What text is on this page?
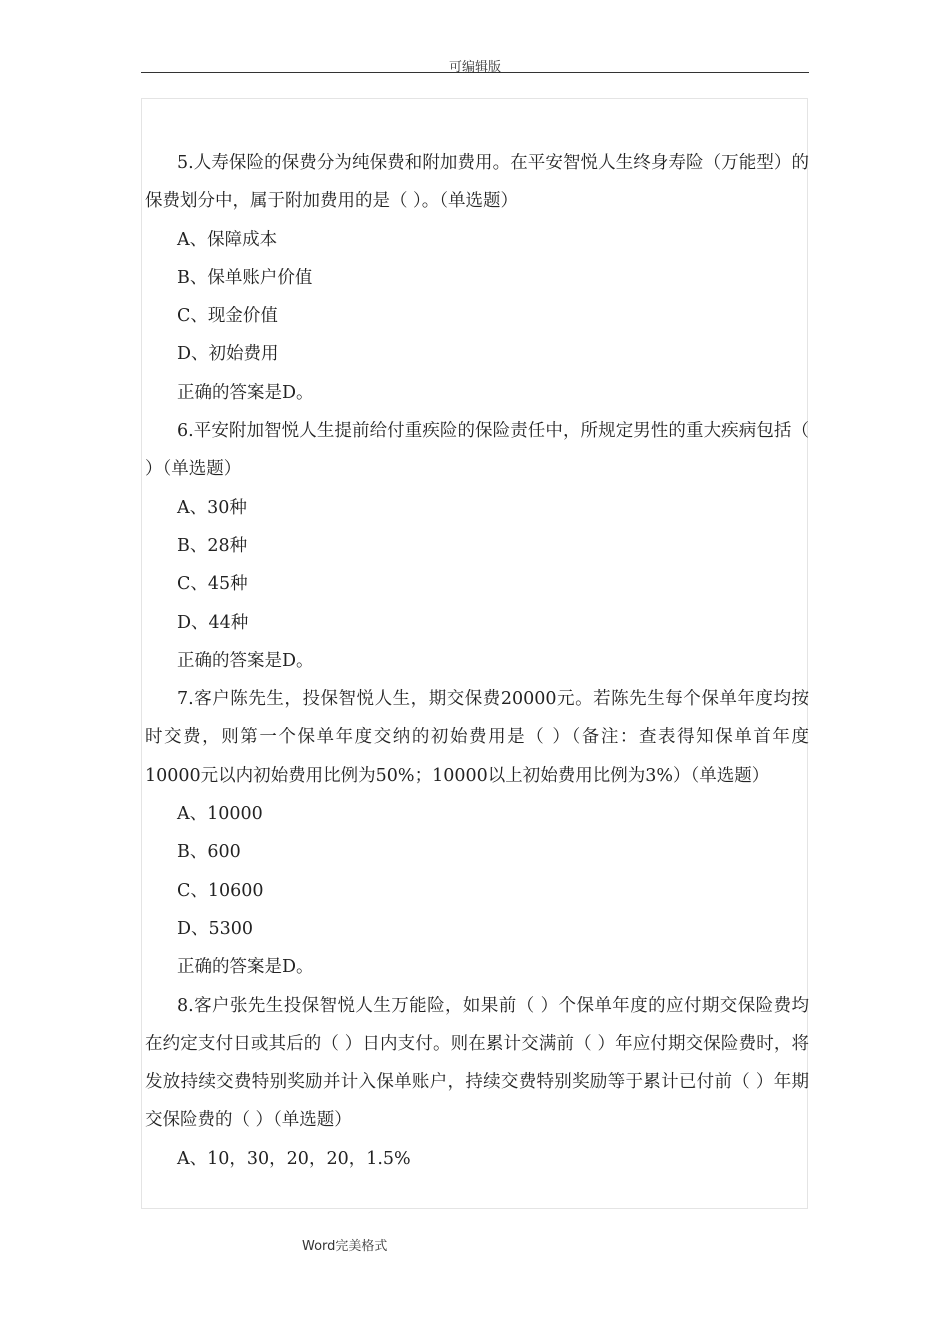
可编辑版

5.人寿保险的保费分为纯保费和附加费用。在平安智悦人生终身寿险（万能型）的保费划分中，属于附加费用的是（ ）。（单选题）

A、保障成本

B、保单账户价值

C、现金价值

D、初始费用

正确的答案是D。

6.平安附加智悦人生提前给付重疾险的保险责任中，所规定男性的重大疾病包括（ ）（单选题）

A、30种

B、28种

C、45种

D、44种

正确的答案是D。

7.客户陈先生，投保智悦人生，期交保费20000元。若陈先生每个保单年度均按时交费，则第一个保单年度交纳的初始费用是（ ）（备注：查表得知保单首年度10000元以内初始费用比例为50%；10000以上初始费用比例为3%）（单选题）

A、10000

B、600

C、10600

D、5300

正确的答案是D。

8.客户张先生投保智悦人生万能险，如果前（ ）个保单年度的应付期交保险费均在约定支付日或其后的（ ）日内支付。则在累计交满前（ ）年应付期交保险费时，将发放持续交费特别奖励并计入保单账户，持续交费特别奖励等于累计已付前（ ）年期交保险费的（ ）（单选题）

A、10，30，20，20，1.5%

Word完美格式
